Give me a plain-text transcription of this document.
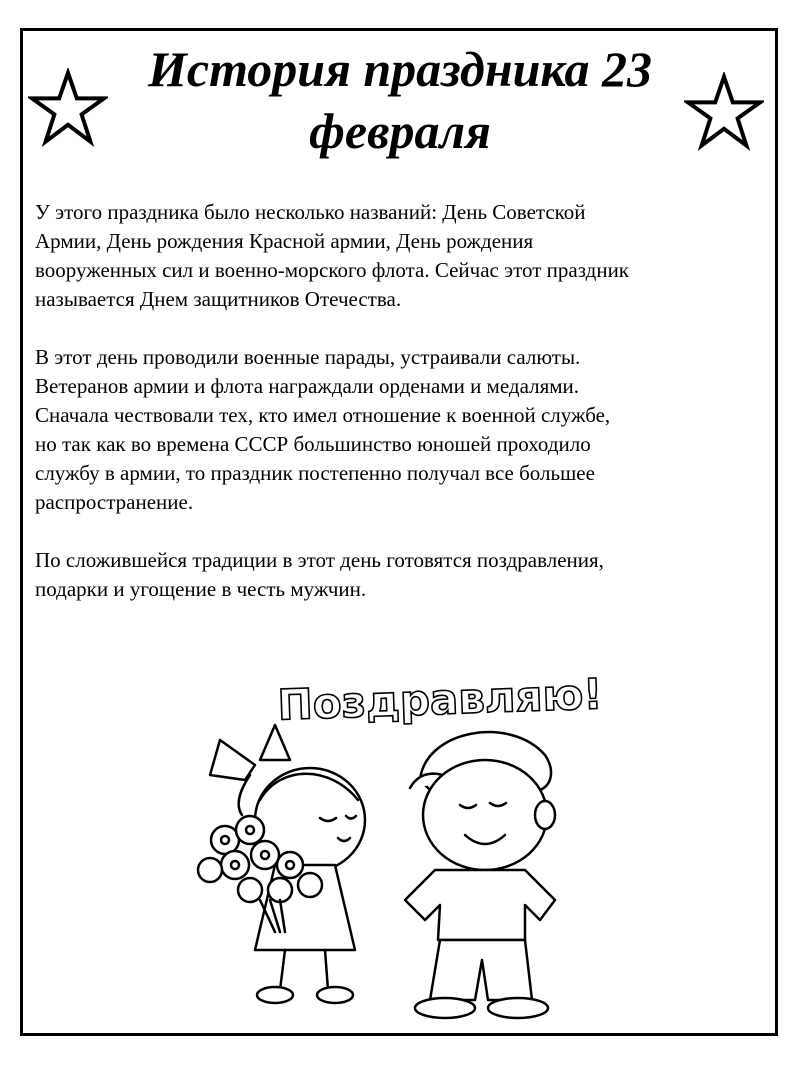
История праздника 23 февраля

У этого праздника было несколько названий: День Советской
Армии, День рождения Красной армии, День рождения
вооруженных сил и военно-морского флота. Сейчас этот праздник
называется Днем защитников Отечества.

В этот день проводили военные парады, устраивали салюты.
Ветеранов армии и флота награждали орденами и медалями.
Сначала чествовали тех, кто имел отношение к военной службе,
но так как во времена СССР большинство юношей проходило
службу в армии, то праздник постепенно получал все большее
распространение.

По сложившейся традиции в этот день готовятся поздравления,
подарки и угощение в честь мужчин.

Поздравляю!
